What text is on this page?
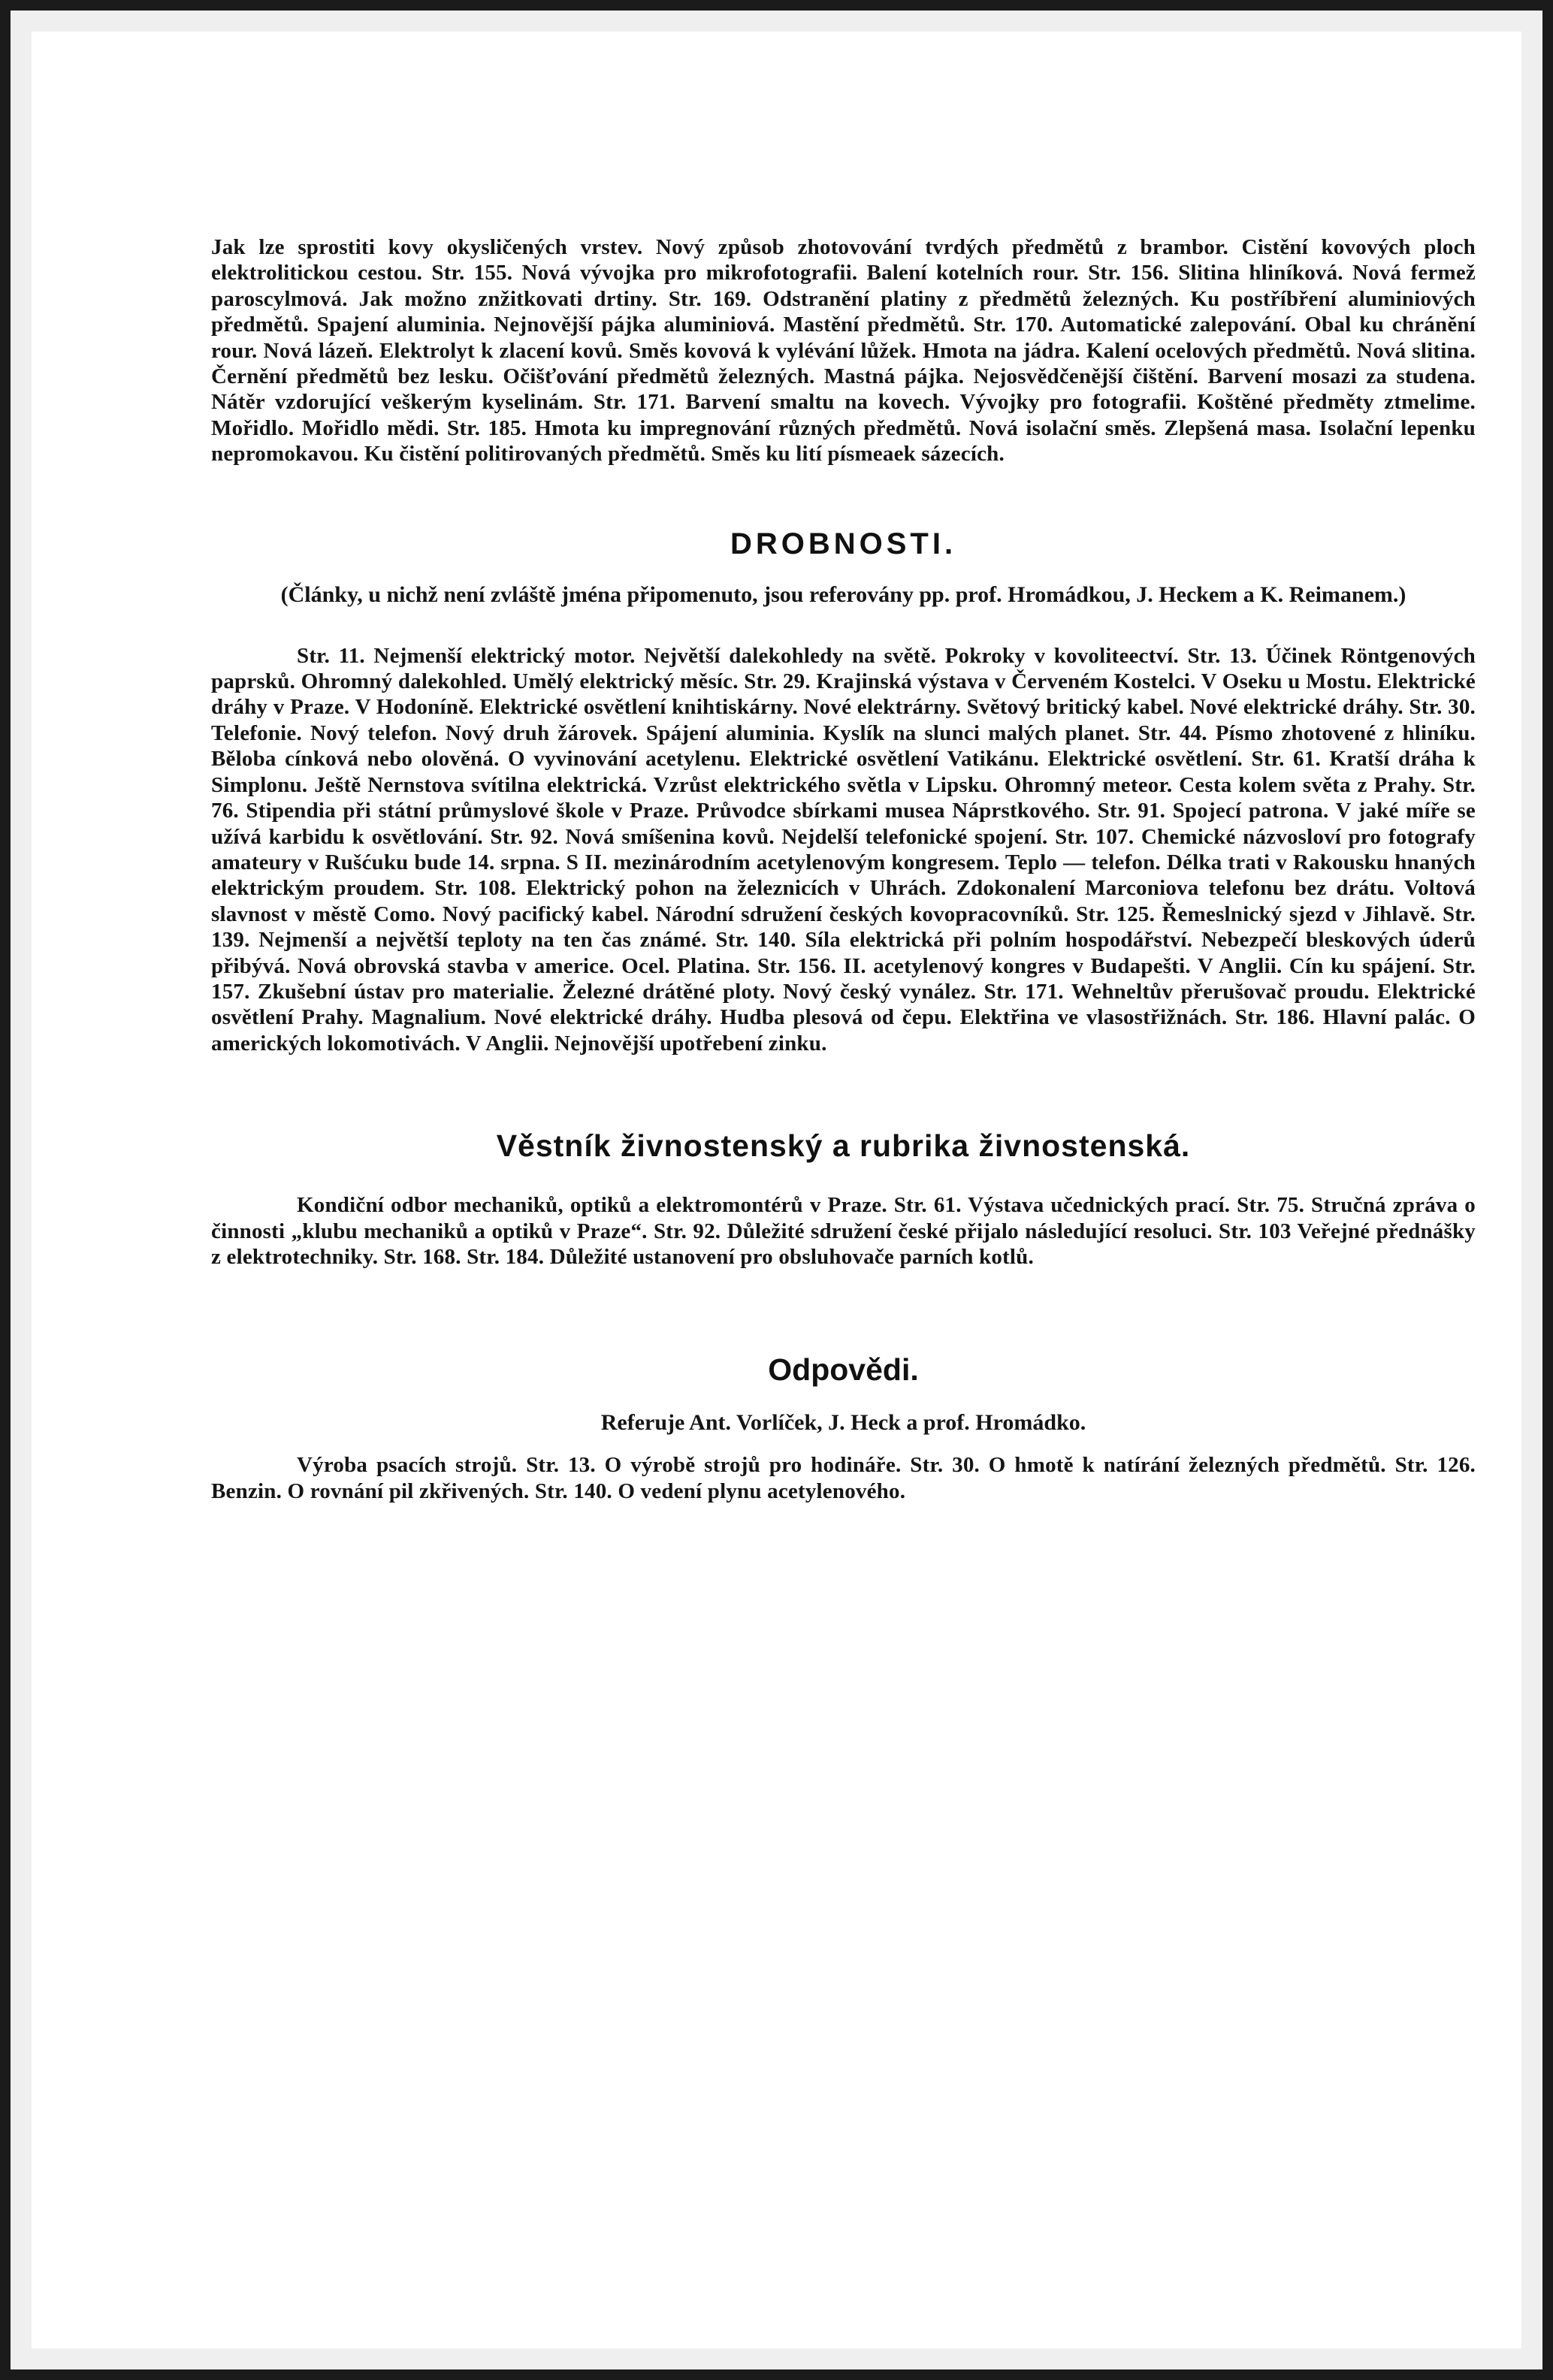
Jak lze sprostiti kovy okysličených vrstev. Nový způsob zhotovování tvrdých předmětů z brambor. Cistění kovových ploch elektrolitickou cestou. Str. 155. Nová vývojka pro mikrofotografii. Balení kotelních rour. Str. 156. Slitina hliníková. Nová fermež paroscylmová. Jak možno znžitkovati drtiny. Str. 169. Odstranění platiny z předmětů železných. Ku postříbření aluminiových předmětů. Spajení aluminia. Nejnovější pájka aluminiová. Mastění předmětů. Str. 170. Automatické zalepování. Obal ku chránění rour. Nová lázeň. Elektrolyt k zlacení kovů. Směs kovová k vylévání lůžek. Hmota na jádra. Kalení ocelových předmětů. Nová slitina. Černění předmětů bez lesku. Očišťování předmětů železných. Mastná pájka. Nejosvědčenější čištění. Barvení mosazi za studena. Nátěr vzdorující veškerým kyselinám. Str. 171. Barvení smaltu na kovech. Vývojky pro fotografii. Koštěné předměty ztmelime. Mořidlo. Mořidlo mědi. Str. 185. Hmota ku impregnování různých předmětů. Nová isolační směs. Zlepšená masa. Isolační lepenku nepromokavou. Ku čistění politirovaných předmětů. Směs ku lití písmeaek sázecích.

DROBNOSTI.

(Články, u nichž není zvláště jména připomenuto, jsou referovány pp. prof. Hromádkou, J. Heckem a K. Reimanem.)

Str. 11. Nejmenší elektrický motor. Největší dalekohledy na světě. Pokroky v kovoliteectví. Str. 13. Účinek Röntgenových paprsků. Ohromný dalekohled. Umělý elektrický měsíc. Str. 29. Krajinská výstava v Červeném Kostelci. V Oseku u Mostu. Elektrické dráhy v Praze. V Hodoníně. Elektrické osvětlení knihtiskárny. Nové elektrárny. Světový britický kabel. Nové elektrické dráhy. Str. 30. Telefonie. Nový telefon. Nový druh žárovek. Spájení aluminia. Kyslík na slunci malých planet. Str. 44. Písmo zhotovené z hliníku. Běloba cínková nebo olověná. O vyvinování acetylenu. Elektrické osvětlení Vatikánu. Elektrické osvětlení. Str. 61. Kratší dráha k Simplonu. Ještě Nernstova svítilna elektrická. Vzrůst elektrického světla v Lipsku. Ohromný meteor. Cesta kolem světa z Prahy. Str. 76. Stipendia při státní průmyslové škole v Praze. Průvodce sbírkami musea Náprstkového. Str. 91. Spojecí patrona. V jaké míře se užívá karbidu k osvětlování. Str. 92. Nová smíšenina kovů. Nejdelší telefonické spojení. Str. 107. Chemické názvosloví pro fotografy amateury v Rušćuku bude 14. srpna. S II. mezinárodním acetylenovým kongresem. Teplo — telefon. Délka trati v Rakousku hnaných elektrickým proudem. Str. 108. Elektrický pohon na železnicích v Uhrách. Zdokonalení Marconiova telefonu bez drátu. Voltová slavnost v městě Como. Nový pacifický kabel. Národní sdružení českých kovopracovníků. Str. 125. Řemeslnický sjezd v Jihlavě. Str. 139. Nejmenší a největší teploty na ten čas známé. Str. 140. Síla elektrická při polním hospodářství. Nebezpečí bleskových úderů přibývá. Nová obrovská stavba v americe. Ocel. Platina. Str. 156. II. acetylenový kongres v Budapešti. V Anglii. Cín ku spájení. Str. 157. Zkušební ústav pro materialie. Železné drátěné ploty. Nový český vynález. Str. 171. Wehneltův přerušovač proudu. Elektrické osvětlení Prahy. Magnalium. Nové elektrické dráhy. Hudba plesová od čepu. Elektřina ve vlasostřižnách. Str. 186. Hlavní palác. O amerických lokomotivách. V Anglii. Nejnovější upotřebení zinku.

Věstník živnostenský a rubrika živnostenská.

Kondiční odbor mechaniků, optiků a elektromontérů v Praze. Str. 61. Výstava učednických prací. Str. 75. Stručná zpráva o činnosti „klubu mechaniků a optiků v Praze“. Str. 92. Důležité sdružení české přijalo následující resoluci. Str. 103 Veřejné přednášky z elektrotechniky. Str. 168. Str. 184. Důležité ustanovení pro obsluhovače parních kotlů.

Odpovědi.

Referuje Ant. Vorlíček, J. Heck a prof. Hromádko.

Výroba psacích strojů. Str. 13. O výrobě strojů pro hodináře. Str. 30. O hmotě k natírání železných předmětů. Str. 126. Benzin. O rovnání pil zkřivených. Str. 140. O vedení plynu acetylenového.
